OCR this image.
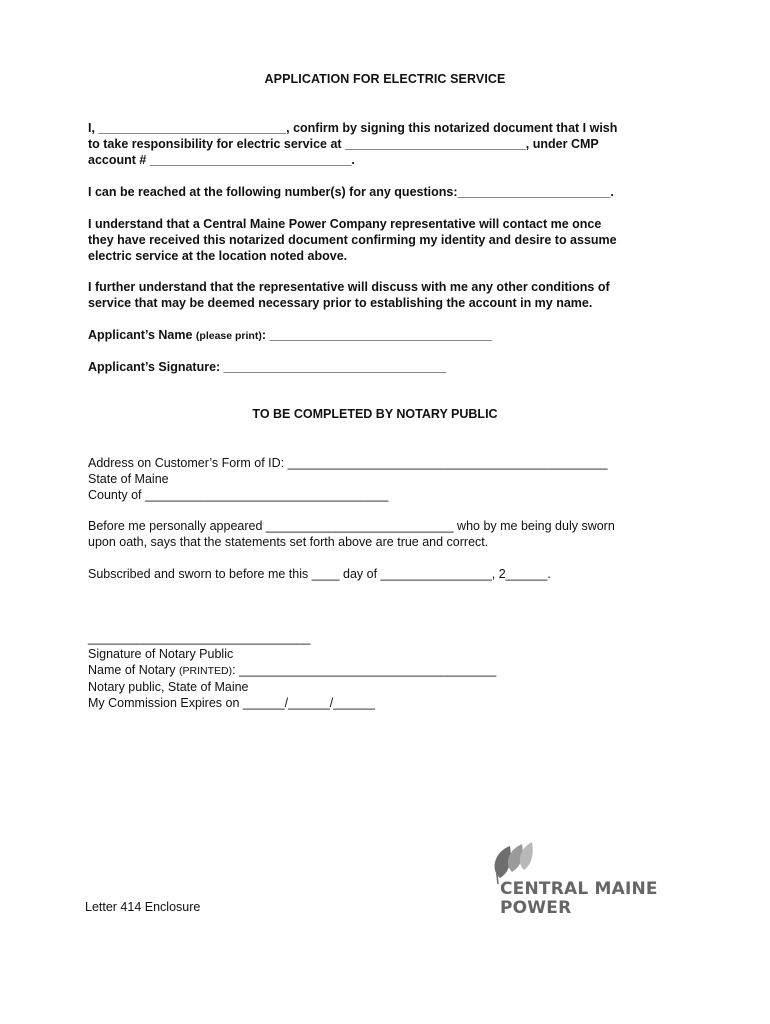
APPLICATION FOR ELECTRIC SERVICE
I, ___________________________, confirm by signing this notarized document that I wish
to take responsibility for electric service at __________________________, under CMP
account # _____________________________.
I can be reached at the following number(s) for any questions:______________________.
I understand that a Central Maine Power Company representative will contact me once
they have received this notarized document confirming my identity and desire to assume
electric service at the location noted above.
I further understand that the representative will discuss with me any other conditions of
service that may be deemed necessary prior to establishing the account in my name.
Applicant’s Name (please print): ________________________________
Applicant’s Signature: ________________________________
TO BE COMPLETED BY NOTARY PUBLIC
Address on Customer’s Form of ID: ______________________________________________
State of Maine
County of ___________________________________
Before me personally appeared ___________________________ who by me being duly sworn
upon oath, says that the statements set forth above are true and correct.
Subscribed and sworn to before me this ____ day of ________________, 2______.
________________________________
Signature of Notary Public
Name of Notary (PRINTED): _____________________________________
Notary public, State of Maine
My Commission Expires on ______/______/______
Letter 414 Enclosure
CENTRAL MAINE
POWER
